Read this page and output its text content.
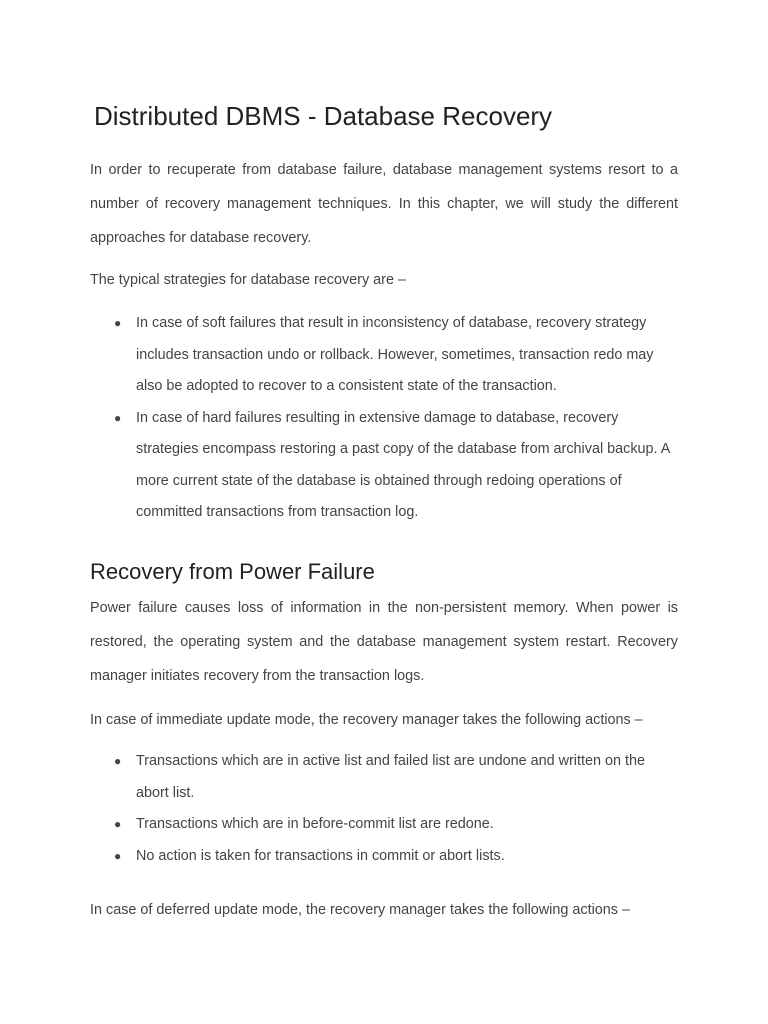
Distributed DBMS - Database Recovery

In order to recuperate from database failure, database management systems resort to a number of recovery management techniques. In this chapter, we will study the different approaches for database recovery.

The typical strategies for database recovery are –

● In case of soft failures that result in inconsistency of database, recovery strategy includes transaction undo or rollback. However, sometimes, transaction redo may also be adopted to recover to a consistent state of the transaction.
● In case of hard failures resulting in extensive damage to database, recovery strategies encompass restoring a past copy of the database from archival backup. A more current state of the database is obtained through redoing operations of committed transactions from transaction log.
Recovery from Power Failure

Power failure causes loss of information in the non-persistent memory. When power is restored, the operating system and the database management system restart. Recovery manager initiates recovery from the transaction logs.

In case of immediate update mode, the recovery manager takes the following actions –

● Transactions which are in active list and failed list are undone and written on the abort list.
● Transactions which are in before-commit list are redone.
● No action is taken for transactions in commit or abort lists.

In case of deferred update mode, the recovery manager takes the following actions –
